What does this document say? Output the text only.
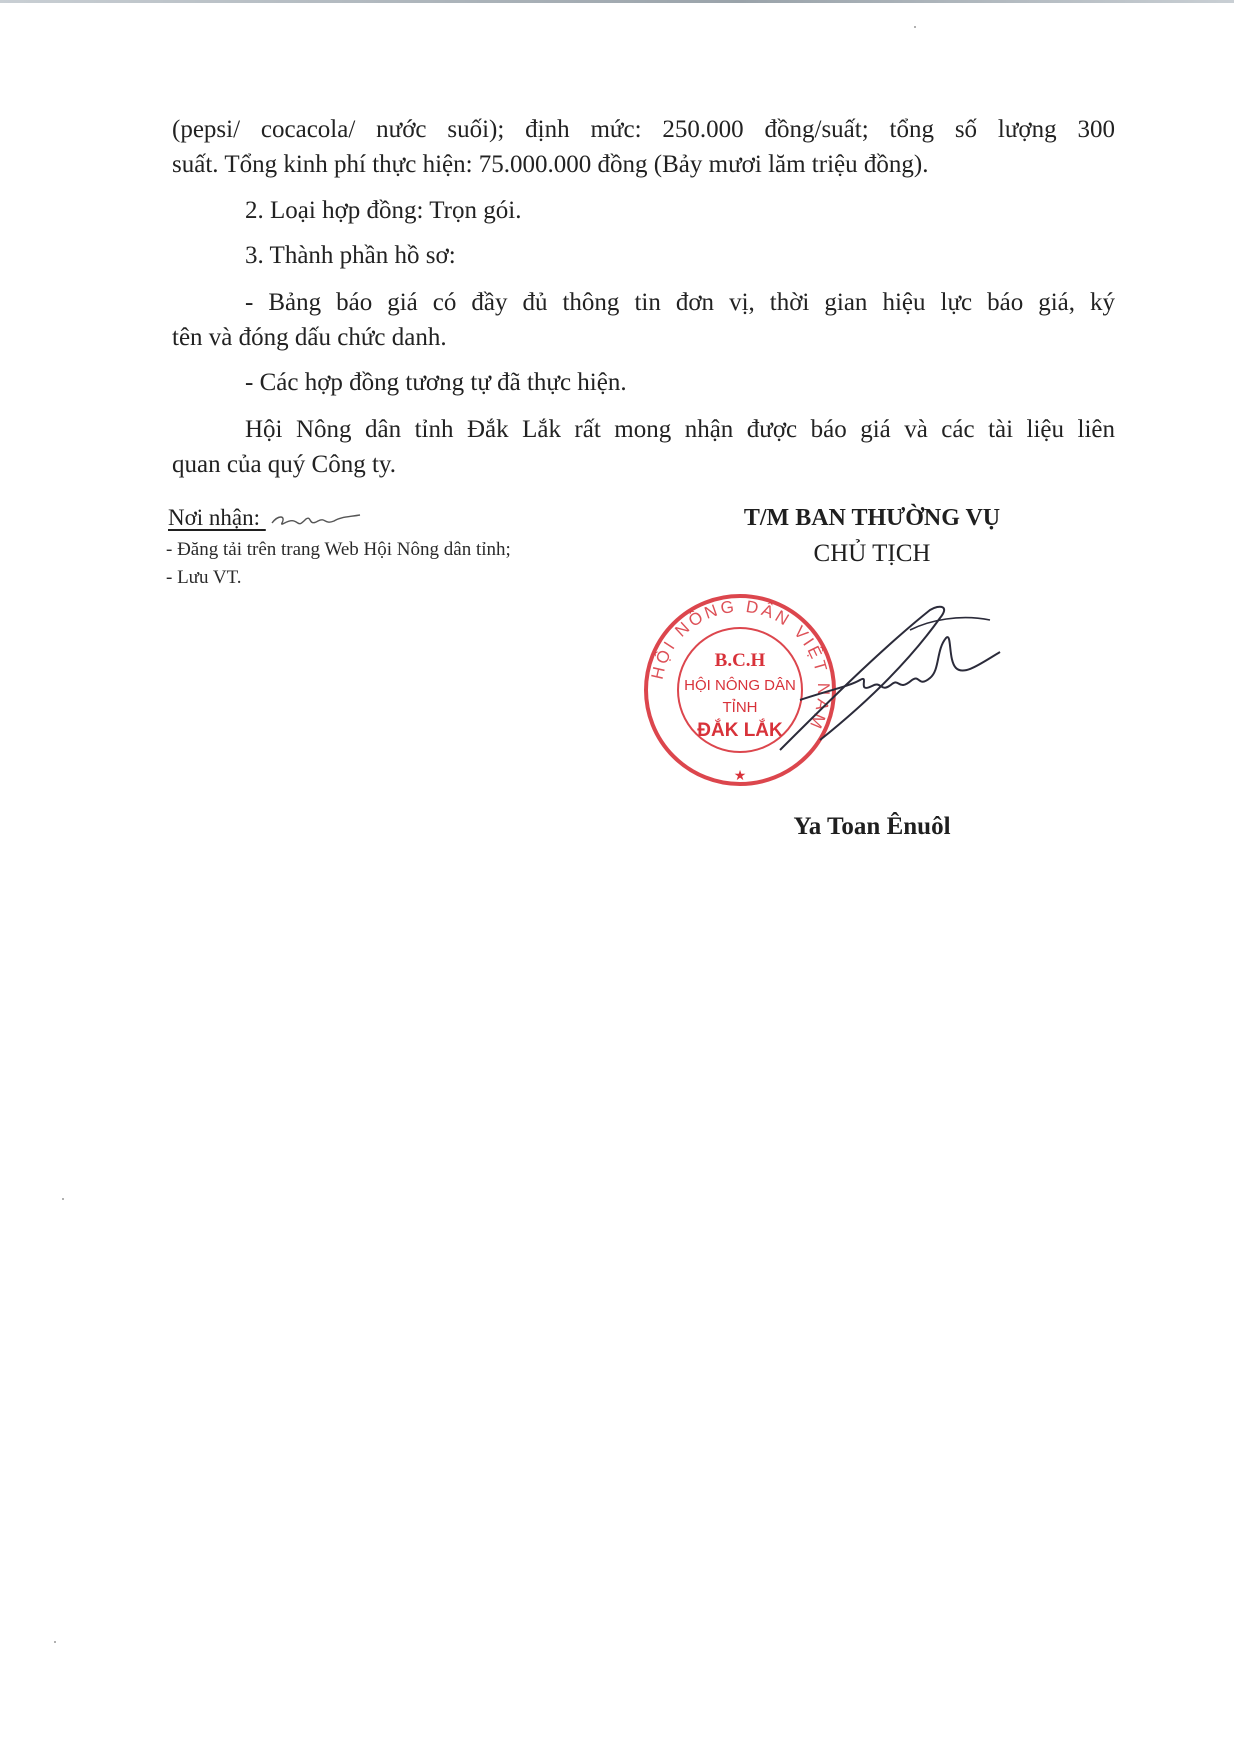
(pepsi/ cocacola/ nước suối); định mức: 250.000 đồng/suất; tổng số lượng 300
suất. Tổng kinh phí thực hiện: 75.000.000 đồng (Bảy mươi lăm triệu đồng).
2. Loại hợp đồng: Trọn gói.
3. Thành phần hồ sơ:
- Bảng báo giá có đầy đủ thông tin đơn vị, thời gian hiệu lực báo giá, ký
tên và đóng dấu chức danh.
- Các hợp đồng tương tự đã thực hiện.
Hội Nông dân tỉnh Đắk Lắk rất mong nhận được báo giá và các tài liệu liên
quan của quý Công ty.
Nơi nhận:
- Đăng tải trên trang Web Hội Nông dân tỉnh;
- Lưu VT.
T/M BAN THƯỜNG VỤ
CHỦ TỊCH
HỘI NÔNG DÂN VIỆT NAM
B.C.H
HỘI NÔNG DÂN
TỈNH
ĐẮK LẮK
★
Ya Toan Ênuôl
